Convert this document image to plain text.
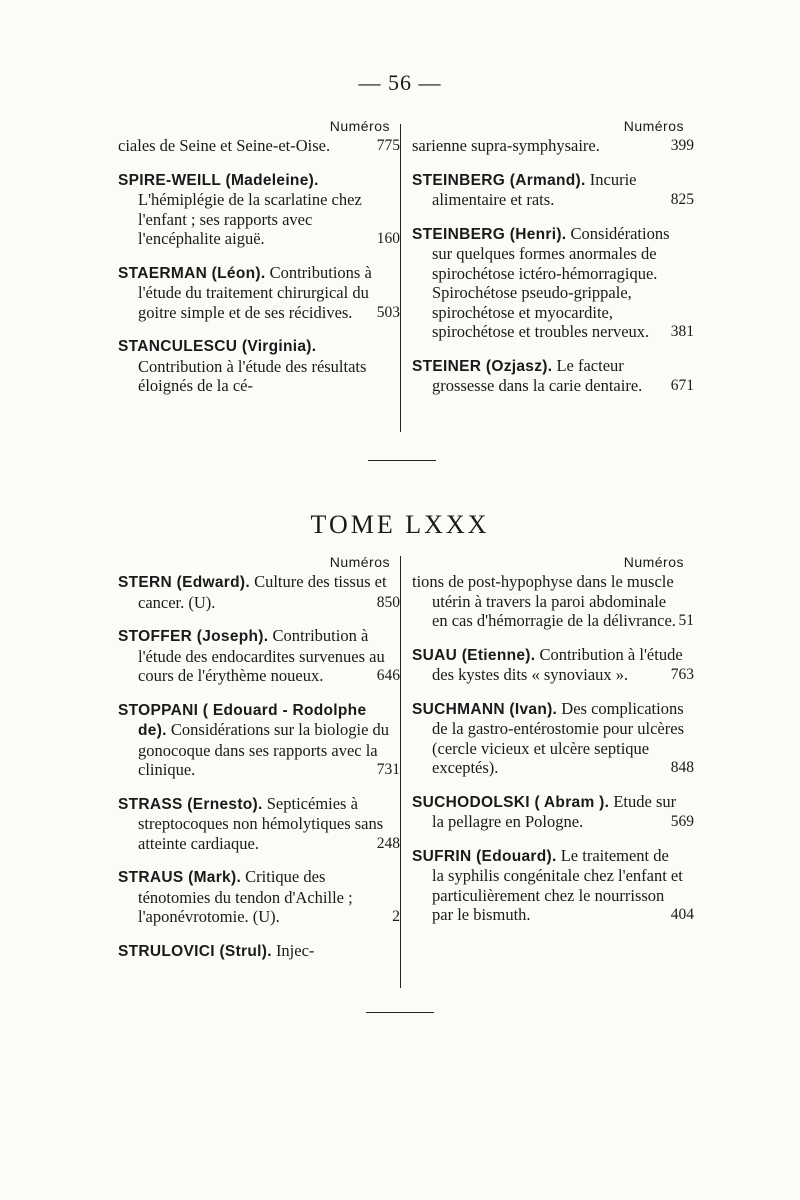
— 56 —
Numéros
ciales de Seine et Seine-et-Oise.	775
SPIRE-WEILL (Madeleine). L'hémiplégie de la scarlatine chez l'enfant ; ses rapports avec l'encéphalite aiguë.	160
STAERMAN (Léon). Contributions à l'étude du traitement chirurgical du goitre simple et de ses récidives. 503
STANCULESCU (Virginia). Contribution à l'étude des résultats éloignés de la cé-
Numéros
sarienne supra-symphysaire.	399
STEINBERG (Armand). Incurie alimentaire et rats.	825
STEINBERG (Henri). Considérations sur quelques formes anormales de spirochétose ictéro-hémorragique. Spirochétose pseudo-grippale, spirochétose et myocardite, spirochétose et troubles nerveux. 381
STEINER (Ozjasz). Le facteur grossesse dans la carie dentaire. 671
TOME LXXX
Numéros
STERN (Edward). Culture des tissus et cancer. (U).	850
STOFFER (Joseph). Contribution à l'étude des endocardites survenues au cours de l'érythème noueux.	646
STOPPANI ( Edouard - Rodolphe de). Considérations sur la biologie du gonocoque dans ses rapports avec la clinique.	731
STRASS (Ernesto). Septicémies à streptocoques non hémolytiques sans atteinte cardiaque.	248
STRAUS (Mark). Critique des ténotomies du tendon d'Achille ; l'aponévrotomie. (U).	2
STRULOVICI (Strul). Injec-
Numéros
tions de post-hypophyse dans le muscle utérin à travers la paroi abdominale en cas d'hémorragie de la délivrance. 51
SUAU (Etienne). Contribution à l'étude des kystes dits « synoviaux ».	763
SUCHMANN (Ivan). Des complications de la gastro-entérostomie pour ulcères (cercle vicieux et ulcère septique exceptés).	848
SUCHODOLSKI ( Abram ). Etude sur la pellagre en Pologne.	569
SUFRIN (Edouard). Le traitement de la syphilis congénitale chez l'enfant et particulièrement chez le nourrisson par le bismuth.	404
